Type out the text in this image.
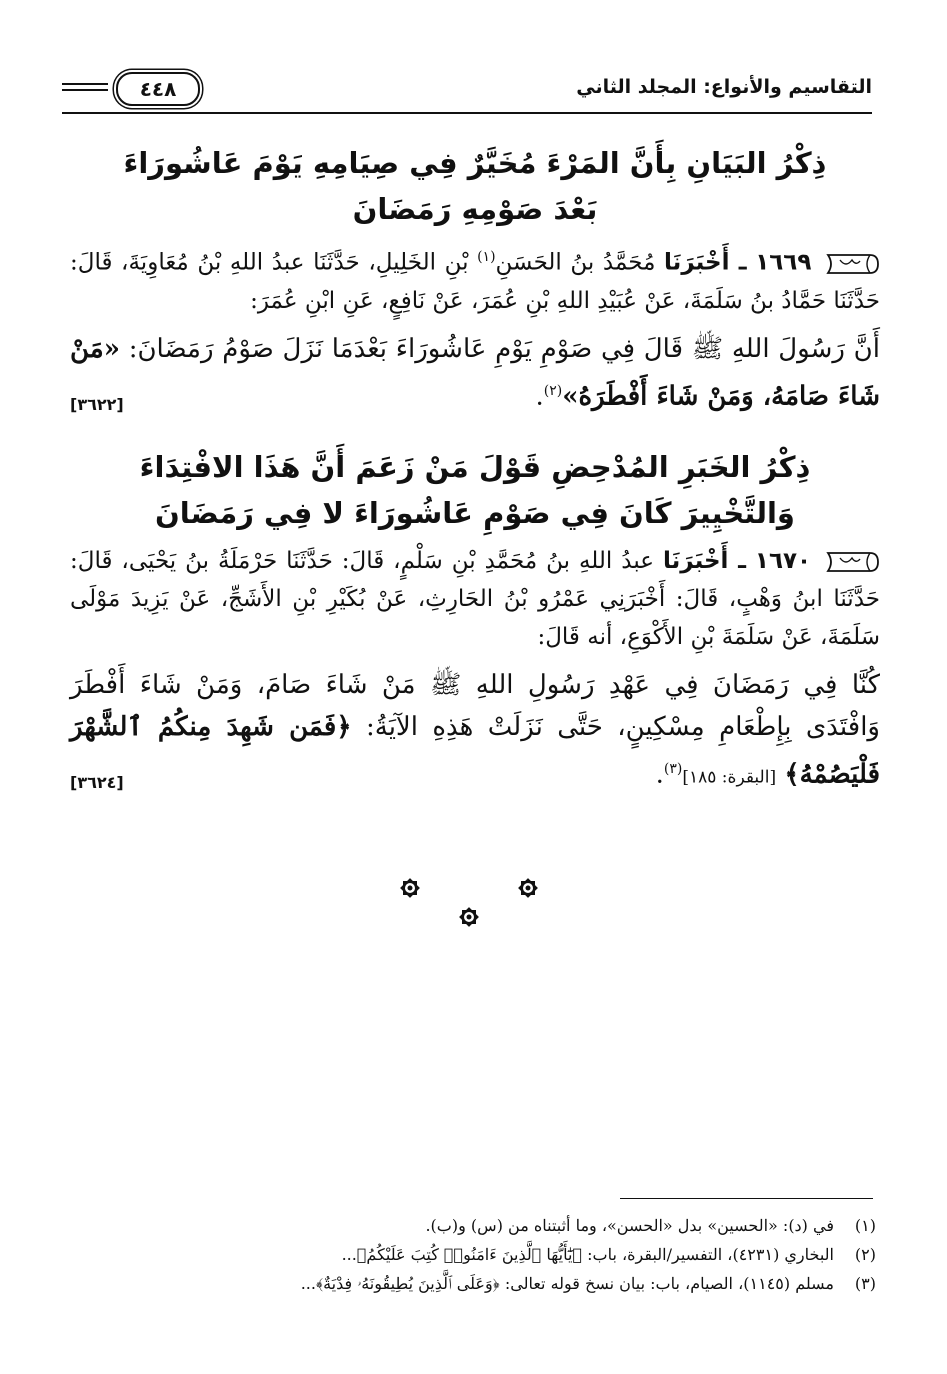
التقاسيم والأنواع: المجلد الثاني
٤٤٨
ذِكْرُ البَيَانِ بِأَنَّ المَرْءَ مُخَيَّرٌ فِي صِيَامِهِ يَوْمَ عَاشُورَاءَ
بَعْدَ صَوْمِهِ رَمَضَانَ

١٦٦٩ ـ أَخْبَرَنَا مُحَمَّدُ بنُ الحَسَنِ$^{(١)}$ بْنِ الخَلِيلِ، حَدَّثَنَا عبدُ اللهِ بْنُ مُعَاوِيَةَ، قَالَ: حَدَّثَنَا حَمَّادُ بنُ سَلَمَةَ، عَنْ عُبَيْدِ اللهِ بْنِ عُمَرَ، عَنْ نَافِعٍ، عَنِ ابْنِ عُمَرَ:

أَنَّ رَسُولَ اللهِ ﷺ قَالَ فِي صَوْمِ يَوْمِ عَاشُورَاءَ بَعْدَمَا نَزَلَ صَوْمُ رَمَضَانَ: «مَنْ شَاءَ صَامَهُ، وَمَنْ شَاءَ أَفْطَرَهُ»$^{(٢)}$.
[٣٦٢٢]

ذِكْرُ الخَبَرِ المُدْحِضِ قَوْلَ مَنْ زَعَمَ أَنَّ هَذَا الافْتِدَاءَ
وَالتَّخْيِيرَ كَانَ فِي صَوْمِ عَاشُورَاءَ لا فِي رَمَضَانَ

١٦٧٠ ـ أَخْبَرَنَا عبدُ اللهِ بنُ مُحَمَّدِ بْنِ سَلْمٍ، قَالَ: حَدَّثَنَا حَرْمَلَةُ بنُ يَحْيَى، قَالَ: حَدَّثَنَا ابنُ وَهْبٍ، قَالَ: أَخْبَرَنِي عَمْرُو بْنُ الحَارِثِ، عَنْ بُكَيْرِ بْنِ الأَشَجِّ، عَنْ يَزِيدَ مَوْلَى سَلَمَةَ، عَنْ سَلَمَةَ بْنِ الأَكْوَعِ، أنه قَالَ:

كُنَّا فِي رَمَضَانَ فِي عَهْدِ رَسُولِ اللهِ ﷺ مَنْ شَاءَ صَامَ، وَمَنْ شَاءَ أَفْطَرَ وَافْتَدَى بِإِطْعَامِ مِسْكِينٍ، حَتَّى نَزَلَتْ هَذِهِ الآيَةُ: ﴿فَمَن شَهِدَ مِنكُمُ ٱلشَّهْرَ فَلْيَصُمْهُ﴾ [البقرة: ١٨٥]$^{(٣)}$.
[٣٦٢٤]

(١)
في (د): «الحسين» بدل «الحسن»، وما أثبتناه من (س) و(ب).
(٢)
البخاري (٤٢٣١)، التفسير/البقرة، باب: ﴿يَٰٓأَيُّهَا ٱلَّذِينَ ءَامَنُوا۟ كُتِبَ عَلَيْكُمُ﴾...
(٣)
مسلم (١١٤٥)، الصيام، باب: بيان نسخ قوله تعالى: ﴿وَعَلَى ٱلَّذِينَ يُطِيقُونَهُۥ فِدْيَةٌ﴾...
